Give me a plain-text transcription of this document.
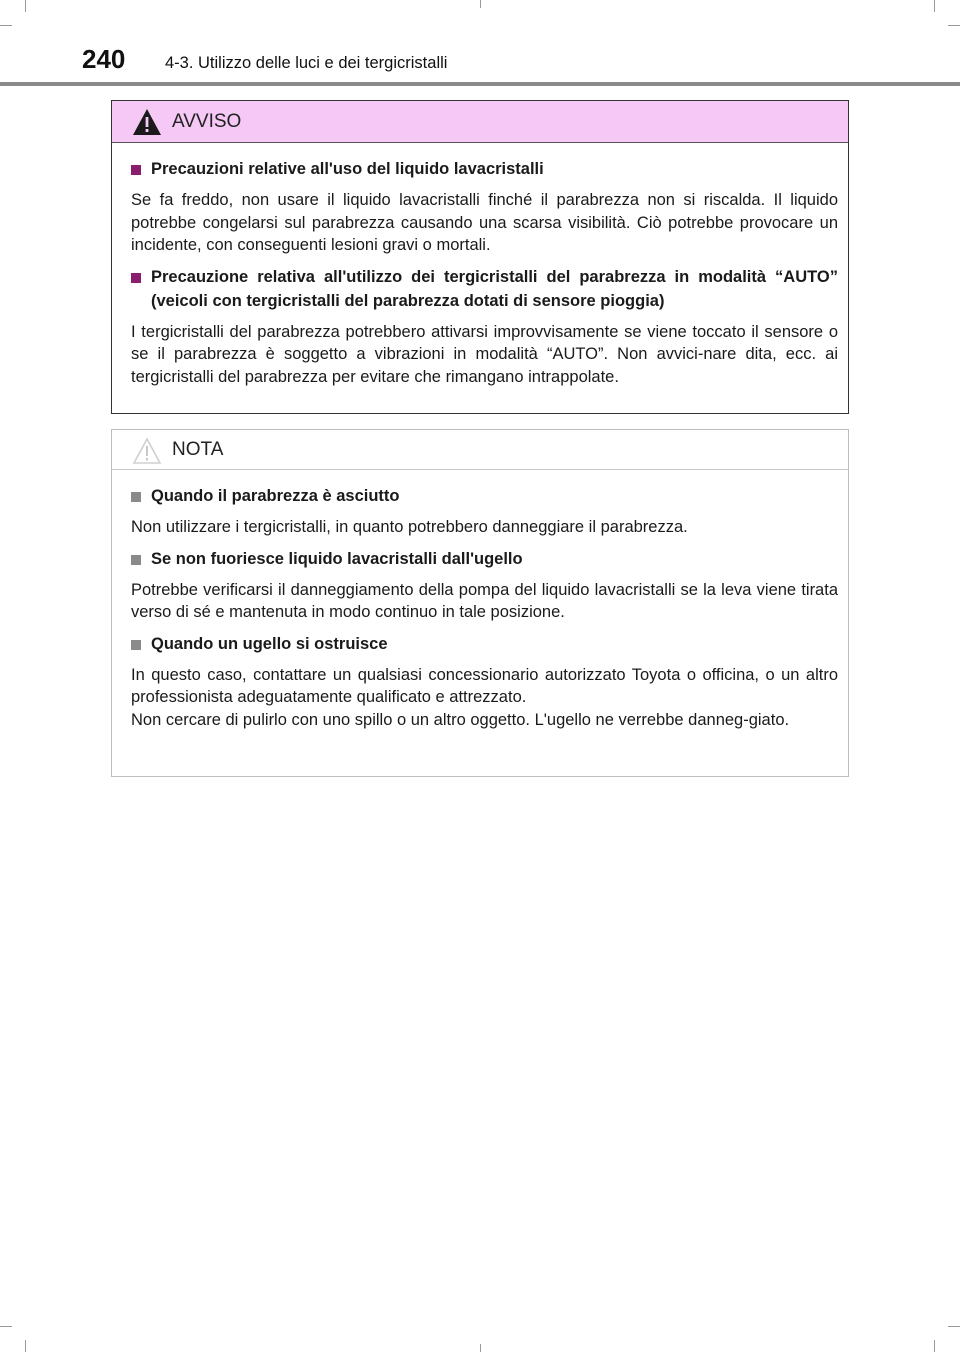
240 4-3. Utilizzo delle luci e dei tergicristalli
AVVISO
Precauzioni relative all'uso del liquido lavacristalli

Se fa freddo, non usare il liquido lavacristalli finché il parabrezza non si riscalda. Il liquido potrebbe congelarsi sul parabrezza causando una scarsa visibilità. Ciò potrebbe provocare un incidente, con conseguenti lesioni gravi o mortali.

Precauzione relativa all'utilizzo dei tergicristalli del parabrezza in modalità “AUTO” (veicoli con tergicristalli del parabrezza dotati di sensore pioggia)

I tergicristalli del parabrezza potrebbero attivarsi improvvisamente se viene toccato il sensore o se il parabrezza è soggetto a vibrazioni in modalità “AUTO”. Non avvici-nare dita, ecc. ai tergicristalli del parabrezza per evitare che rimangano intrappolate.

NOTA
Quando il parabrezza è asciutto

Non utilizzare i tergicristalli, in quanto potrebbero danneggiare il parabrezza.

Se non fuoriesce liquido lavacristalli dall'ugello

Potrebbe verificarsi il danneggiamento della pompa del liquido lavacristalli se la leva viene tirata verso di sé e mantenuta in modo continuo in tale posizione.

Quando un ugello si ostruisce

In questo caso, contattare un qualsiasi concessionario autorizzato Toyota o officina, o un altro professionista adeguatamente qualificato e attrezzato.

Non cercare di pulirlo con uno spillo o un altro oggetto. L'ugello ne verrebbe danneg-giato.
